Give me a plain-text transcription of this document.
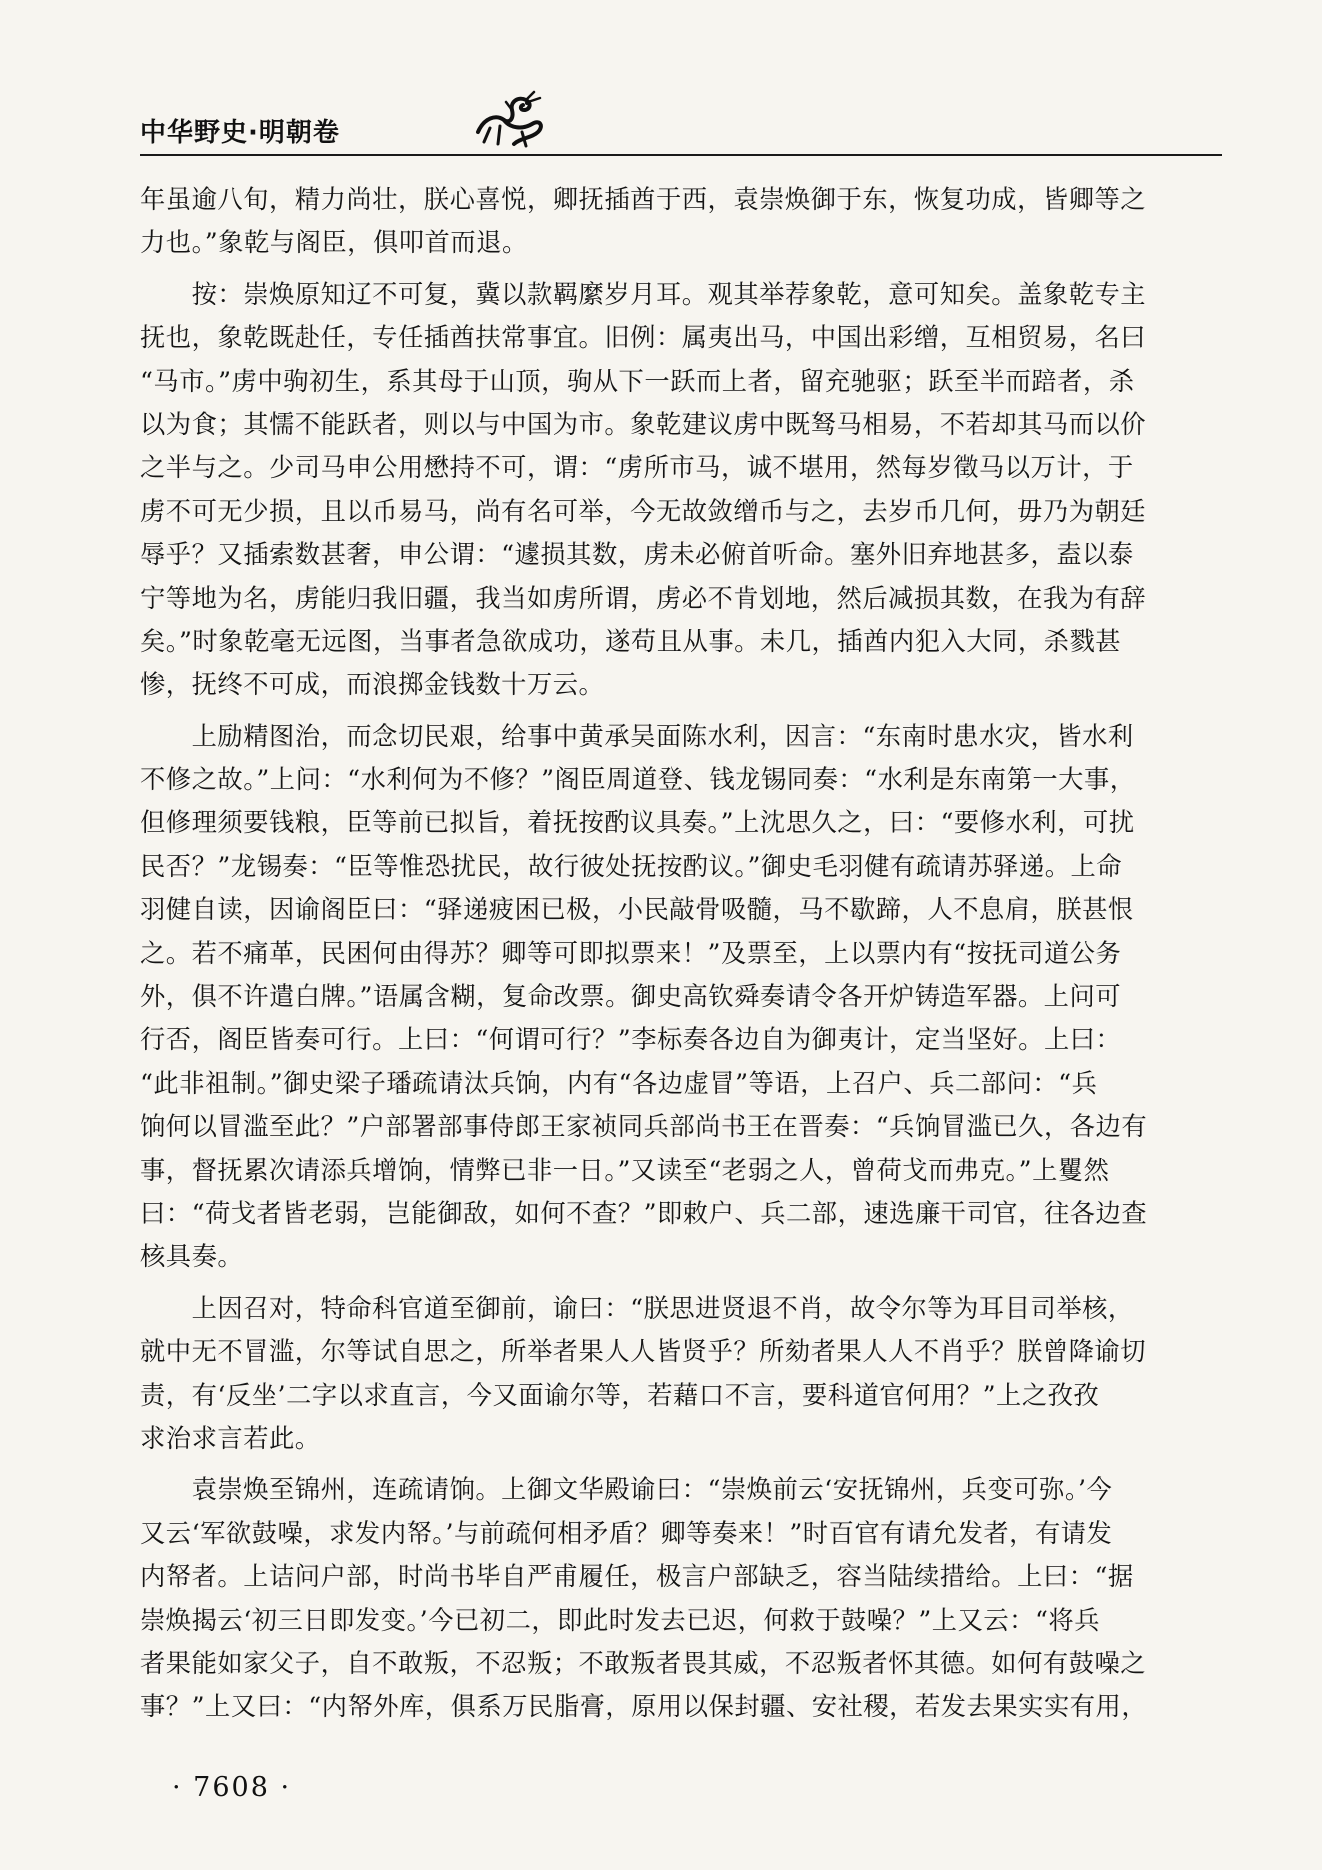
中华野史·明朝卷
年虽逾八旬，精力尚壮，朕心喜悦，卿抚插酋于西，袁崇焕御于东，恢复功成，皆卿等之
力也。”象乾与阁臣，俱叩首而退。
　　按：崇焕原知辽不可复，冀以款羁縻岁月耳。观其举荐象乾，意可知矣。盖象乾专主
抚也，象乾既赴任，专任插酋扶常事宜。旧例：属夷出马，中国出彩缯，互相贸易，名曰
“马市。”虏中驹初生，系其母于山顶，驹从下一跃而上者，留充驰驱；跃至半而踣者，杀
以为食；其懦不能跃者，则以与中国为市。象乾建议虏中既驽马相易，不若却其马而以价
之半与之。少司马申公用懋持不可，谓：“虏所市马，诚不堪用，然每岁徵马以万计，于
虏不可无少损，且以币易马，尚有名可举，今无故敛缯币与之，去岁币几何，毋乃为朝廷
辱乎？又插索数甚奢，申公谓：“遽损其数，虏未必俯首听命。塞外旧弃地甚多，盍以泰
宁等地为名，虏能归我旧疆，我当如虏所谓，虏必不肯划地，然后减损其数，在我为有辞
矣。”时象乾毫无远图，当事者急欲成功，遂苟且从事。未几，插酋内犯入大同，杀戮甚
惨，抚终不可成，而浪掷金钱数十万云。
　　上励精图治，而念切民艰，给事中黄承吴面陈水利，因言：“东南时患水灾，皆水利
不修之故。”上问：“水利何为不修？”阁臣周道登、钱龙锡同奏：“水利是东南第一大事，
但修理须要钱粮，臣等前已拟旨，着抚按酌议具奏。”上沈思久之，曰：“要修水利，可扰
民否？”龙锡奏：“臣等惟恐扰民，故行彼处抚按酌议。”御史毛羽健有疏请苏驿递。上命
羽健自读，因谕阁臣曰：“驿递疲困已极，小民敲骨吸髓，马不歇蹄，人不息肩，朕甚恨
之。若不痛革，民困何由得苏？卿等可即拟票来！”及票至，上以票内有“按抚司道公务
外，俱不许遣白牌。”语属含糊，复命改票。御史高钦舜奏请令各开炉铸造军器。上问可
行否，阁臣皆奏可行。上曰：“何谓可行？”李标奏各边自为御夷计，定当坚好。上曰：
“此非祖制。”御史梁子璠疏请汰兵饷，内有“各边虚冒”等语，上召户、兵二部问：“兵
饷何以冒滥至此？”户部署部事侍郎王家祯同兵部尚书王在晋奏：“兵饷冒滥已久，各边有
事，督抚累次请添兵增饷，情弊已非一日。”又读至“老弱之人，曾荷戈而弗克。”上矍然
曰：“荷戈者皆老弱，岂能御敌，如何不查？”即敕户、兵二部，速选廉干司官，往各边查
核具奏。
　　上因召对，特命科官道至御前，谕曰：“朕思进贤退不肖，故令尔等为耳目司举核，
就中无不冒滥，尔等试自思之，所举者果人人皆贤乎？所劾者果人人不肖乎？朕曾降谕切
责，有‘反坐’二字以求直言，今又面谕尔等，若藉口不言，要科道官何用？”上之孜孜
求治求言若此。
　　袁崇焕至锦州，连疏请饷。上御文华殿谕曰：“崇焕前云‘安抚锦州，兵变可弥。’今
又云‘军欲鼓噪，求发内帑。’与前疏何相矛盾？卿等奏来！”时百官有请允发者，有请发
内帑者。上诘问户部，时尚书毕自严甫履任，极言户部缺乏，容当陆续措给。上曰：“据
崇焕揭云‘初三日即发变。’今已初二，即此时发去已迟，何救于鼓噪？”上又云：“将兵
者果能如家父子，自不敢叛，不忍叛；不敢叛者畏其威，不忍叛者怀其德。如何有鼓噪之
事？”上又曰：“内帑外库，俱系万民脂膏，原用以保封疆、安社稷，若发去果实实有用，
· 7608 ·
